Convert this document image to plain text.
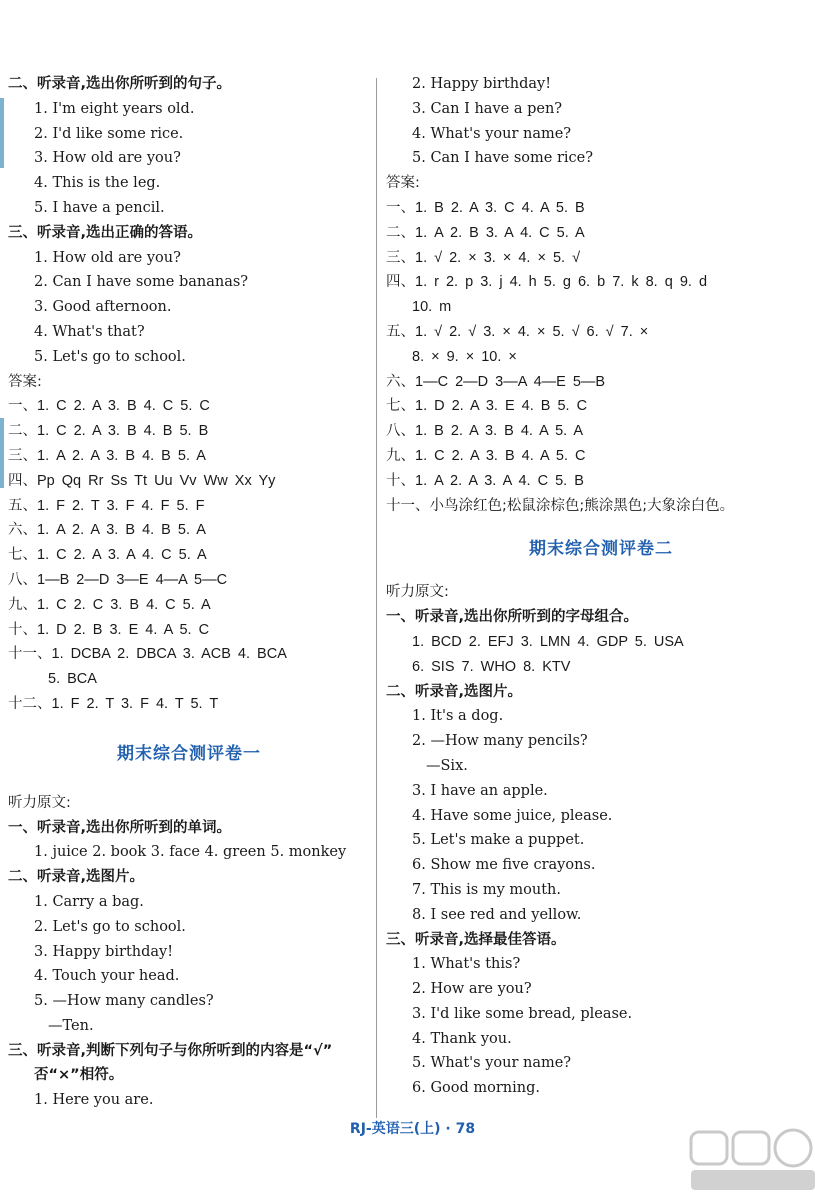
二、听录音,选出你所听到的句子。
1. I'm eight years old.
2. I'd like some rice.
3. How old are you?
4. This is the leg.
5. I have a pencil.
三、听录音,选出正确的答语。
1. How old are you?
2. Can I have some bananas?
3. Good afternoon.
4. What's that?
5. Let's go to school.
答案:
一、1. C 2. A 3. B 4. C 5. C
二、1. C 2. A 3. B 4. B 5. B
三、1. A 2. A 3. B 4. B 5. A
四、Pp Qq Rr Ss Tt Uu Vv Ww Xx Yy
五、1. F 2. T 3. F 4. F 5. F
六、1. A 2. A 3. B 4. B 5. A
七、1. C 2. A 3. A 4. C 5. A
八、1—B 2—D 3—E 4—A 5—C
九、1. C 2. C 3. B 4. C 5. A
十、1. D 2. B 3. E 4. A 5. C
十一、1. DCBA 2. DBCA 3. ACB 4. BCA
5. BCA
十二、1. F 2. T 3. F 4. T 5. T
期末综合测评卷一
听力原文:
一、听录音,选出你所听到的单词。
1. juice 2. book 3. face 4. green 5. monkey
二、听录音,选图片。
1. Carry a bag.
2. Let's go to school.
3. Happy birthday!
4. Touch your head.
5. —How many candles?
—Ten.
三、听录音,判断下列句子与你所听到的内容是“√”
否“×”相符。
1. Here you are.
2. Happy birthday!
3. Can I have a pen?
4. What's your name?
5. Can I have some rice?
答案:
一、1. B 2. A 3. C 4. A 5. B
二、1. A 2. B 3. A 4. C 5. A
三、1. √ 2. × 3. × 4. × 5. √
四、1. r 2. p 3. j 4. h 5. g 6. b 7. k 8. q 9. d
10. m
五、1. √ 2. √ 3. × 4. × 5. √ 6. √ 7. ×
8. × 9. × 10. ×
六、1—C 2—D 3—A 4—E 5—B
七、1. D 2. A 3. E 4. B 5. C
八、1. B 2. A 3. B 4. A 5. A
九、1. C 2. A 3. B 4. A 5. C
十、1. A 2. A 3. A 4. C 5. B
十一、小鸟涂红色;松鼠涂棕色;熊涂黑色;大象涂白色。
期末综合测评卷二
听力原文:
一、听录音,选出你所听到的字母组合。
1. BCD 2. EFJ 3. LMN 4. GDP 5. USA
6. SIS 7. WHO 8. KTV
二、听录音,选图片。
1. It's a dog.
2. —How many pencils?
—Six.
3. I have an apple.
4. Have some juice, please.
5. Let's make a puppet.
6. Show me five crayons.
7. This is my mouth.
8. I see red and yellow.
三、听录音,选择最佳答语。
1. What's this?
2. How are you?
3. I'd like some bread, please.
4. Thank you.
5. What's your name?
6. Good morning.
RJ-英语三(上) · 78
